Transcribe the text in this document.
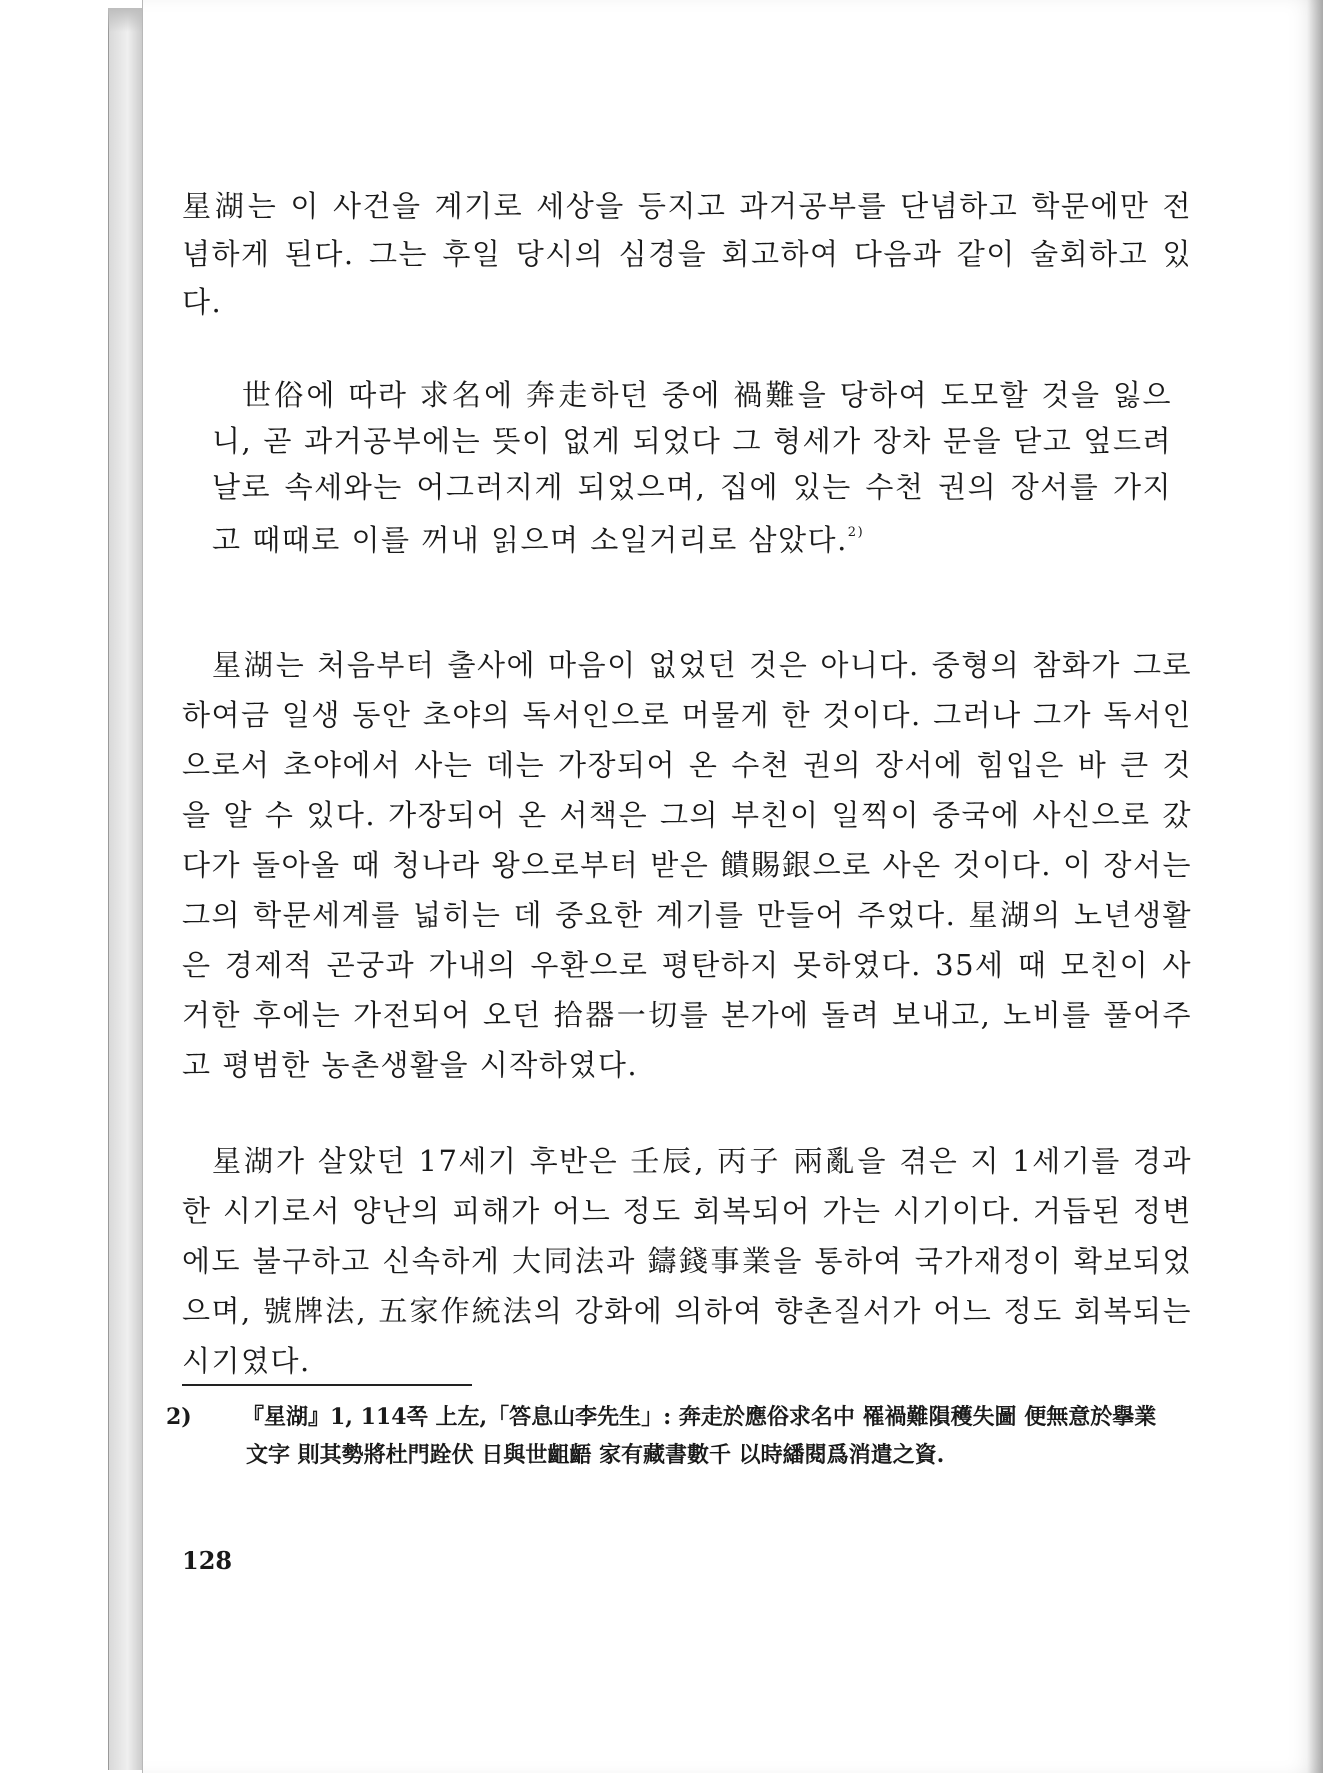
星湖는 이 사건을 계기로 세상을 등지고 과거공부를 단념하고 학문에만 전념하게 된다. 그는 후일 당시의 심경을 회고하여 다음과 같이 술회하고 있다.

世俗에 따라 求名에 奔走하던 중에 禍難을 당하여 도모할 것을 잃으니, 곧 과거공부에는 뜻이 없게 되었다 그 형세가 장차 문을 닫고 엎드려 날로 속세와는 어그러지게 되었으며, 집에 있는 수천 권의 장서를 가지고 때때로 이를 꺼내 읽으며 소일거리로 삼았다.$^{2)}$

星湖는 처음부터 출사에 마음이 없었던 것은 아니다. 중형의 참화가 그로 하여금 일생 동안 초야의 독서인으로 머물게 한 것이다. 그러나 그가 독서인으로서 초야에서 사는 데는 가장되어 온 수천 권의 장서에 힘입은 바 큰 것을 알 수 있다. 가장되어 온 서책은 그의 부친이 일찍이 중국에 사신으로 갔다가 돌아올 때 청나라 왕으로부터 받은 饋賜銀으로 사온 것이다. 이 장서는 그의 학문세계를 넓히는 데 중요한 계기를 만들어 주었다. 星湖의 노년생활은 경제적 곤궁과 가내의 우환으로 평탄하지 못하였다. 35세 때 모친이 사거한 후에는 가전되어 오던 拾器一切를 본가에 돌려 보내고, 노비를 풀어주고 평범한 농촌생활을 시작하였다.

星湖가 살았던 17세기 후반은 壬辰, 丙子 兩亂을 겪은 지 1세기를 경과한 시기로서 양난의 피해가 어느 정도 회복되어 가는 시기이다. 거듭된 정변에도 불구하고 신속하게 大同法과 鑄錢事業을 통하여 국가재정이 확보되었으며, 號牌法, 五家作統法의 강화에 의하여 향촌질서가 어느 정도 회복되는 시기였다.

2) 『星湖』1, 114쪽 上左,「答息山李先生」: 奔走於應俗求名中 罹禍難隕穫失圖 便無意於擧業文字 則其勢將杜門跧伏 日與世齟齬 家有藏書數千 以時繙閱爲消遣之資.
128
